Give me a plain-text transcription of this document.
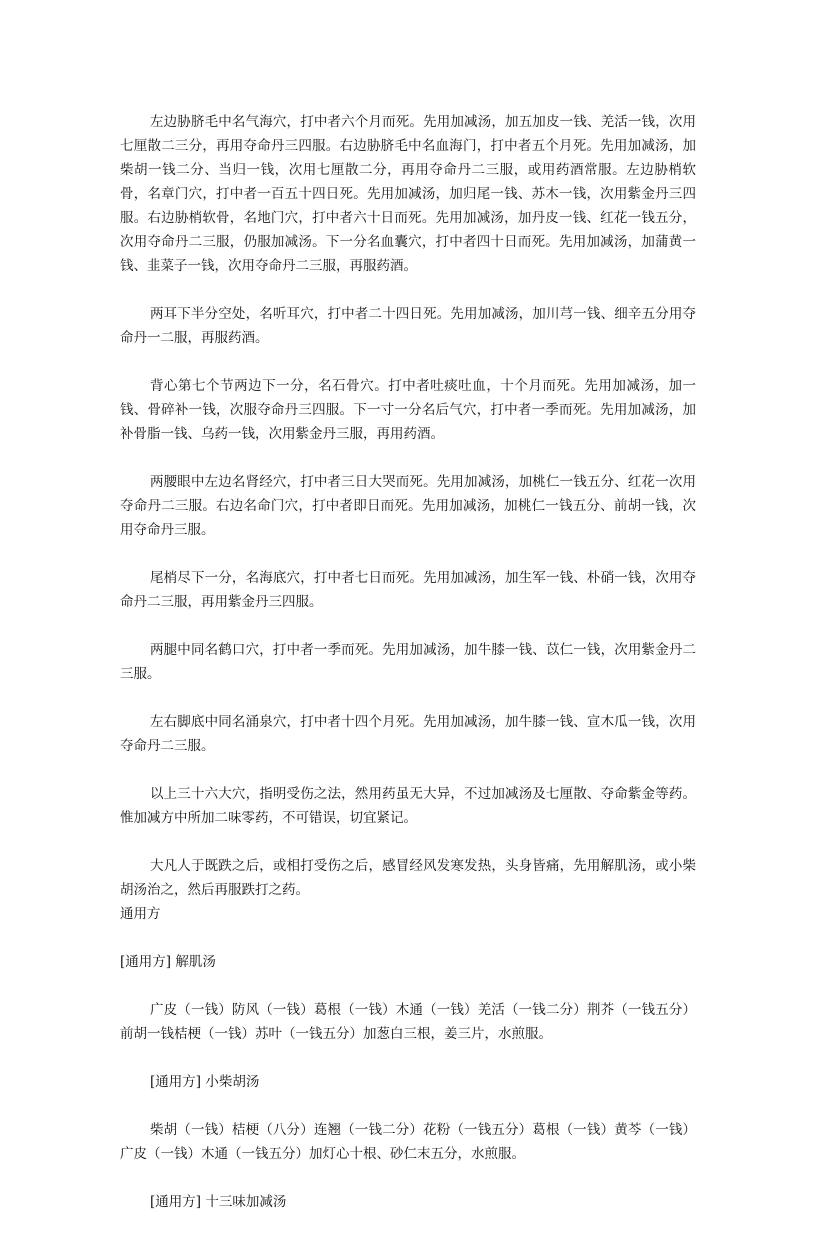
左边胁脐毛中名气海穴，打中者六个月而死。先用加减汤，加五加皮一钱、羌活一钱，次用七厘散二三分，再用夺命丹三四服。右边胁脐毛中名血海门，打中者五个月死。先用加减汤，加柴胡一钱二分、当归一钱，次用七厘散二分，再用夺命丹二三服，或用药酒常服。左边胁梢软骨，名章门穴，打中者一百五十四日死。先用加减汤，加归尾一钱、苏木一钱，次用紫金丹三四服。右边胁梢软骨，名地门穴，打中者六十日而死。先用加减汤，加丹皮一钱、红花一钱五分，次用夺命丹二三服，仍服加减汤。下一分名血囊穴，打中者四十日而死。先用加减汤，加蒲黄一钱、韭菜子一钱，次用夺命丹二三服，再服药酒。

两耳下半分空处，名听耳穴，打中者二十四日死。先用加减汤，加川芎一钱、细辛五分用夺命丹一二服，再服药酒。

背心第七个节两边下一分，名石骨穴。打中者吐痰吐血，十个月而死。先用加减汤，加一钱、骨碎补一钱，次服夺命丹三四服。下一寸一分名后气穴，打中者一季而死。先用加减汤，加补骨脂一钱、乌药一钱，次用紫金丹三服，再用药酒。

两腰眼中左边名肾经穴，打中者三日大哭而死。先用加减汤，加桃仁一钱五分、红花一次用夺命丹二三服。右边名命门穴，打中者即日而死。先用加减汤，加桃仁一钱五分、前胡一钱，次用夺命丹三服。

尾梢尽下一分，名海底穴，打中者七日而死。先用加减汤，加生军一钱、朴硝一钱，次用夺命丹二三服，再用紫金丹三四服。

两腿中同名鹤口穴，打中者一季而死。先用加减汤，加牛膝一钱、苡仁一钱，次用紫金丹二三服。

左右脚底中同名涌泉穴，打中者十四个月死。先用加减汤，加牛膝一钱、宣木瓜一钱，次用夺命丹二三服。

以上三十六大穴，指明受伤之法，然用药虽无大异，不过加减汤及七厘散、夺命紫金等药。惟加减方中所加二味零药，不可错误，切宜紧记。

大凡人于既跌之后，或相打受伤之后，感冒经风发寒发热，头身皆痛，先用解肌汤，或小柴胡汤治之，然后再服跌打之药。

通用方

[通用方] 解肌汤

广皮（一钱）防风（一钱）葛根（一钱）木通（一钱）羌活（一钱二分）荆芥（一钱五分）前胡一钱桔梗（一钱）苏叶（一钱五分）加葱白三根，姜三片，水煎服。

[通用方] 小柴胡汤

柴胡（一钱）桔梗（八分）连翘（一钱二分）花粉（一钱五分）葛根（一钱）黄芩（一钱）广皮（一钱）木通（一钱五分）加灯心十根、砂仁末五分，水煎服。

[通用方] 十三味加减汤
